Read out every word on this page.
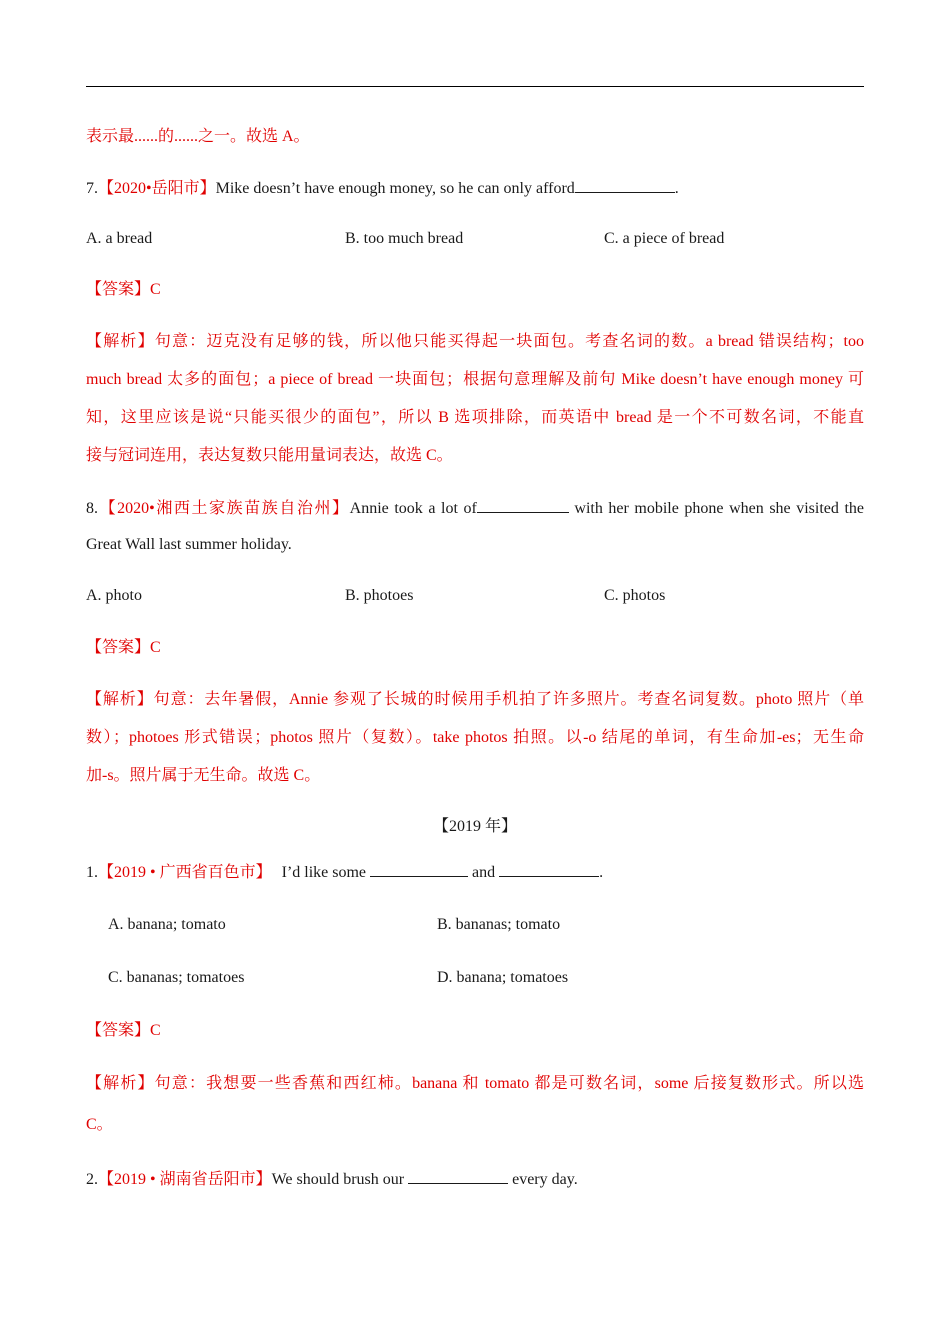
表示最......的......之一。故选 A。
7.【2020•岳阳市】Mike doesn’t have enough money, so he can only afford	.
A. a bread	B. too much bread	C. a piece of bread
【答案】C
【解析】句意：迈克没有足够的钱，所以他只能买得起一块面包。考查名词的数。a bread 错误结构；too
much bread 太多的面包；a piece of bread 一块面包；根据句意理解及前句 Mike doesn’t have enough money 可
知，这里应该是说“只能买很少的面包”，所以 B 选项排除，而英语中 bread 是一个不可数名词，不能直
接与冠词连用，表达复数只能用量词表达，故选 C。
8.【2020•湘西土家族苗族自治州】Annie took a lot of	with her mobile phone when she visited the
Great Wall last summer holiday.
A. photo	B. photoes	C. photos
【答案】C
【解析】句意：去年暑假，Annie 参观了长城的时候用手机拍了许多照片。考查名词复数。photo 照片（单
数）；photoes 形式错误；photos 照片（复数）。take photos 拍照。以-o 结尾的单词，有生命加-es；无生命
加-s。照片属于无生命。故选 C。
【2019 年】
1.【2019 • 广西省百色市】 I’d like some	and	.
A. banana; tomato	B. bananas; tomato
C. bananas; tomatoes	D. banana; tomatoes
【答案】C
【解析】句意：我想要一些香蕉和西红柿。banana 和 tomato 都是可数名词，some 后接复数形式。所以选
C。
2.【2019 • 湖南省岳阳市】We should brush our	every day.
